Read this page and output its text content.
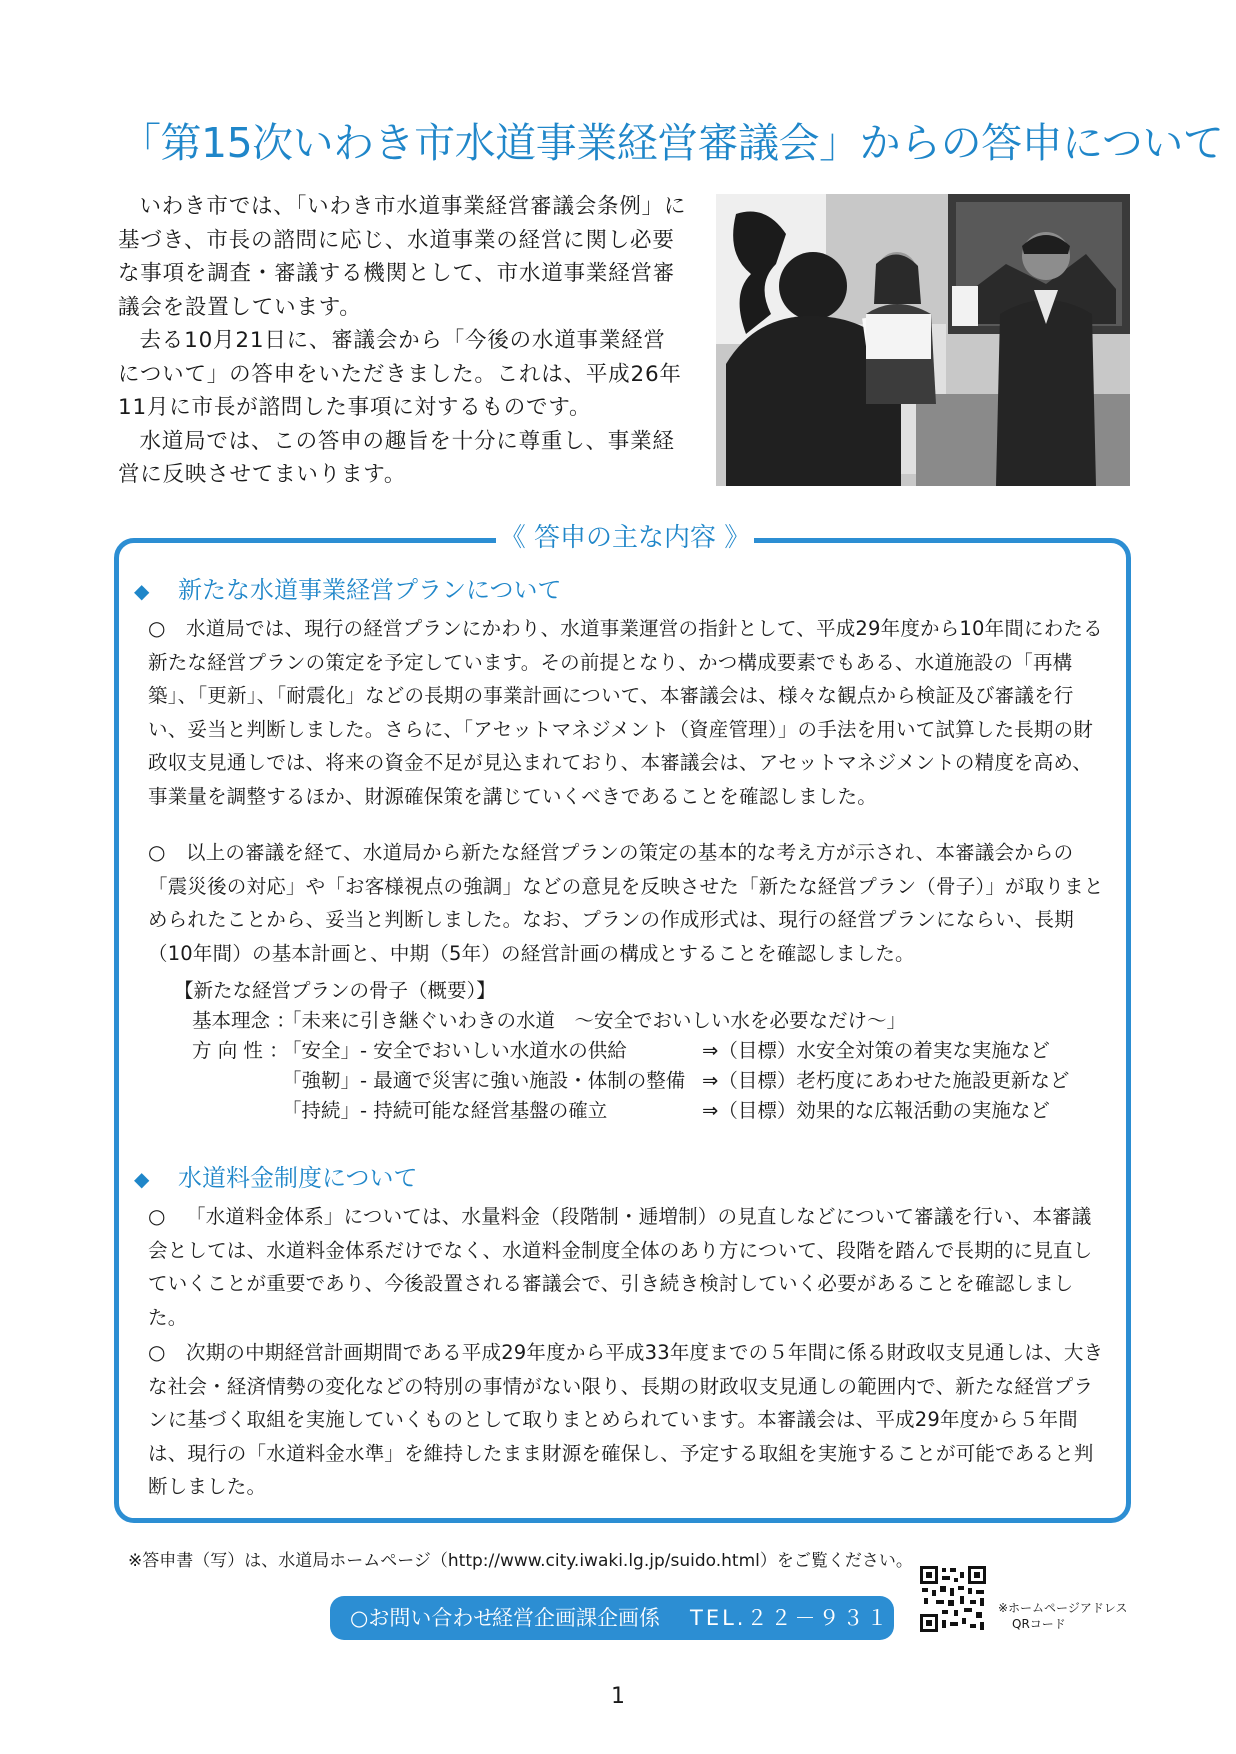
「第15次いわき市水道事業経営審議会」からの答申について

いわき市では、「いわき市水道事業経営審議会条例」に基づき、市長の諮問に応じ、水道事業の経営に関し必要な事項を調査・審議する機関として、市水道事業経営審議会を設置しています。

去る10月21日に、審議会から「今後の水道事業経営について」の答申をいただきました。これは、平成26年11月に市長が諮問した事項に対するものです。

水道局では、この答申の趣旨を十分に尊重し、事業経営に反映させてまいります。

《 答申の主な内容 》
◆ 新たな水道事業経営プランについて
○ 水道局では、現行の経営プランにかわり、水道事業運営の指針として、平成29年度から10年間にわたる新たな経営プランの策定を予定しています。その前提となり、かつ構成要素でもある、水道施設の「再構築」、「更新」、「耐震化」などの長期の事業計画について、本審議会は、様々な観点から検証及び審議を行い、妥当と判断しました。さらに、「アセットマネジメント（資産管理）」の手法を用いて試算した長期の財政収支見通しでは、将来の資金不足が見込まれており、本審議会は、アセットマネジメントの精度を高め、事業量を調整するほか、財源確保策を講じていくべきであることを確認しました。
○ 以上の審議を経て、水道局から新たな経営プランの策定の基本的な考え方が示され、本審議会からの「震災後の対応」や「お客様視点の強調」などの意見を反映させた「新たな経営プラン（骨子）」が取りまとめられたことから、妥当と判断しました。なお、プランの作成形式は、現行の経営プランにならい、長期（10年間）の基本計画と、中期（5年）の経営計画の構成とすることを確認しました。
【新たな経営プランの骨子（概要）】
基本理念 ：
「未来に引き継ぐいわきの水道　～安全でおいしい水を必要なだけ～」
方 向 性 ：
「安全」- 安全でおいしい水道水の供給	⇒（目標）水安全対策の着実な実施など
「強靭」- 最適で災害に強い施設・体制の整備 ⇒（目標）老朽度にあわせた施設更新など
「持続」- 持続可能な経営基盤の確立	⇒（目標）効果的な広報活動の実施など
◆ 水道料金制度について
○ 「水道料金体系」については、水量料金（段階制・逓増制）の見直しなどについて審議を行い、本審議会としては、水道料金体系だけでなく、水道料金制度全体のあり方について、段階を踏んで長期的に見直していくことが重要であり、今後設置される審議会で、引き続き検討していく必要があることを確認しました。
○ 次期の中期経営計画期間である平成29年度から平成33年度までの５年間に係る財政収支見通しは、大きな社会・経済情勢の変化などの特別の事情がない限り、長期の財政収支見通しの範囲内で、新たな経営プランに基づく取組を実施していくものとして取りまとめられています。本審議会は、平成29年度から５年間は、現行の「水道料金水準」を維持したまま財源を確保し、予定する取組を実施することが可能であると判断しました。
※答申書（写）は、水道局ホームページ（http://www.city.iwaki.lg.jp/suido.html）をご覧ください。
○お問い合わせ
経営企画課企画係 TEL.２２－９３１０	※ホームページアドレス
QRコード
1
